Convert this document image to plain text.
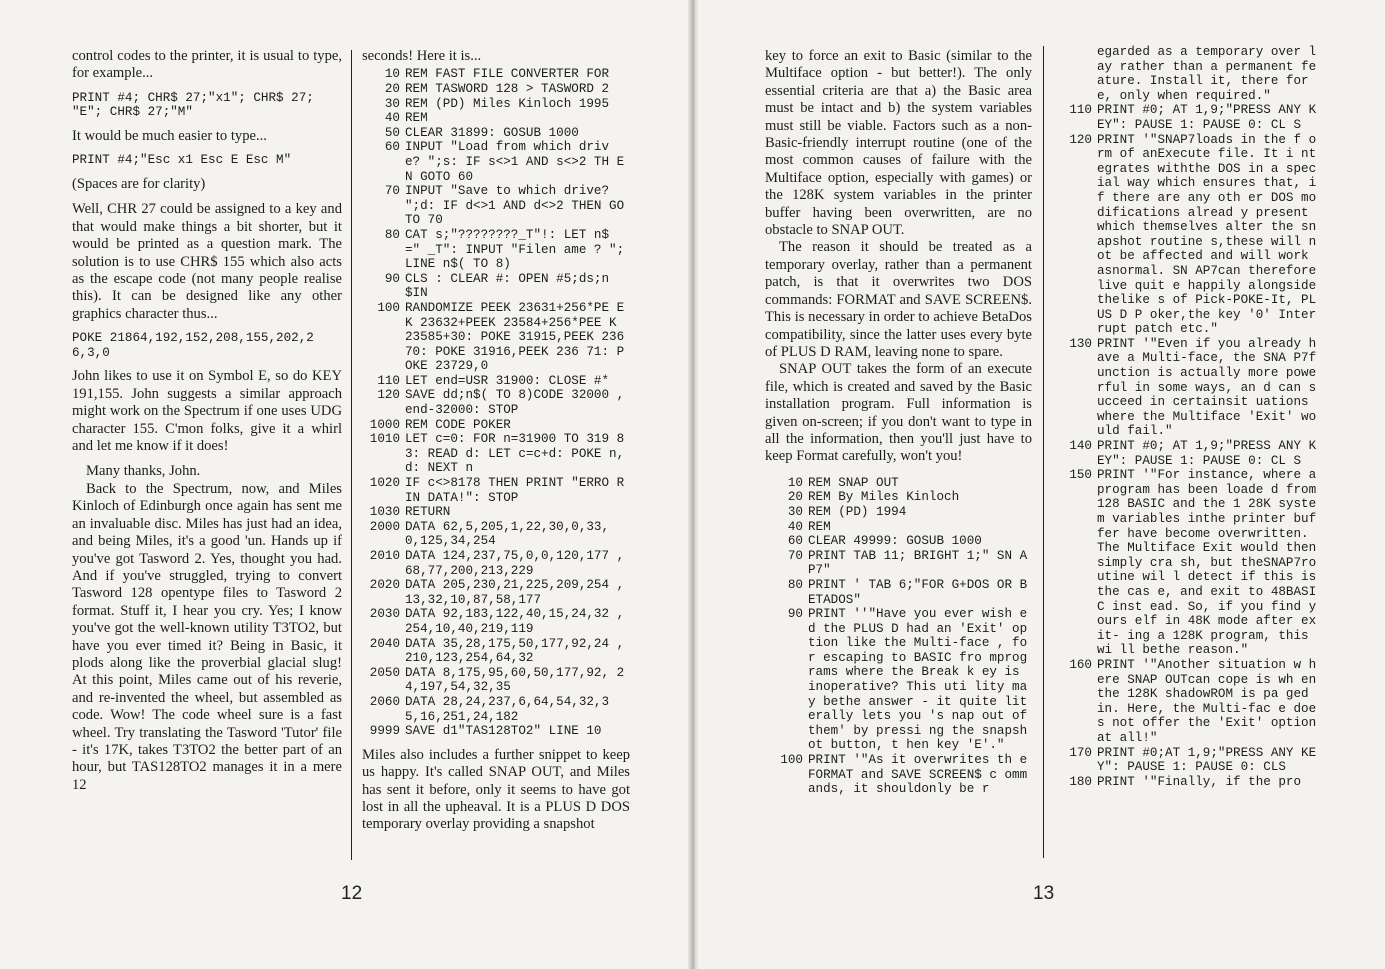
control codes to the printer, it is usual to type, for example...

PRINT #4; CHR$ 27;"x1"; CHR$ 27;
"E"; CHR$ 27;"M"

It would be much easier to type...

PRINT #4;"Esc x1 Esc E Esc M"

(Spaces are for clarity)

Well, CHR 27 could be assigned to a key and that would make things a bit shorter, but it would be printed as a question mark. The solution is to use CHR$ 155 which also acts as the escape code (not many people realise this). It can be designed like any other graphics character thus...

POKE 21864,192,152,208,155,202,2
6,3,0

John likes to use it on Symbol E, so do KEY 191,155. John suggests a similar approach might work on the Spectrum if one uses UDG character 155. C'mon folks, give it a whirl and let me know if it does!

Many thanks, John.

Back to the Spectrum, now, and Miles Kinloch of Edinburgh once again has sent me an invaluable disc. Miles has just had an idea, and being Miles, it's a good 'un. Hands up if you've got Tasword 2. Yes, thought you had. And if you've struggled, trying to convert Tasword 128 opentype files to Tasword 2 format. Stuff it, I hear you cry. Yes; I know you've got the well-known utility T3TO2, but have you ever timed it? Being in Basic, it plods along like the proverbial glacial slug! At this point, Miles came out of his reverie, and re-invented the wheel, but assembled as code. Wow! The code wheel sure is a fast wheel. Try translating the Tasword 'Tutor' file - it's 17K, takes T3TO2 the better part of an hour, but TAS128TO2 manages it in a mere 12

seconds! Here it is...
10 REM FAST FILE CONVERTER FOR
20 REM TASWORD 128 > TASWORD 2
30 REM (PD) Miles Kinloch 1995
40 REM
50 CLEAR 31899: GOSUB 1000
60 INPUT "Load from which driv e? ";s: IF s<>1 AND s<>2 TH EN GOTO 60
70 INPUT "Save to which drive? ";d: IF d<>1 AND d<>2 THEN GOTO 70
80 CAT s;"????????_T"!: LET n$ =" _T": INPUT "Filen ame ? "; LINE n$( TO 8)
90 CLS : CLEAR #: OPEN #5;ds;n $IN
100 RANDOMIZE PEEK 23631+256*PE EK 23632+PEEK 23584+256*PEE K 23585+30: POKE 31915,PEEK 23670: POKE 31916,PEEK 236 71: POKE 23729,0
110 LET end=USR 31900: CLOSE #*
120 SAVE dd;n$( TO 8)CODE 32000 ,end-32000: STOP
1000 REM CODE POKER
1010 LET c=0: FOR n=31900 TO 319 83: READ d: LET c=c+d: POKE n,d: NEXT n
1020 IF c<>8178 THEN PRINT "ERRO R IN DATA!": STOP
1030 RETURN
2000 DATA 62,5,205,1,22,30,0,33, 0,125,34,254
2010 DATA 124,237,75,0,0,120,177 ,68,77,200,213,229
2020 DATA 205,230,21,225,209,254 ,13,32,10,87,58,177
2030 DATA 92,183,122,40,15,24,32 ,254,10,40,219,119
2040 DATA 35,28,175,50,177,92,24 ,210,123,254,64,32
2050 DATA 8,175,95,60,50,177,92, 24,197,54,32,35
2060 DATA 28,24,237,6,64,54,32,3 5,16,251,24,182
9999 SAVE d1"TAS128TO2" LINE 10
Miles also includes a further snippet to keep us happy. It's called SNAP OUT, and Miles has sent it before, only it seems to have got lost in all the upheaval. It is a PLUS D DOS temporary overlay providing a snapshot
12

key to force an exit to Basic (similar to the Multiface option - but better!). The only essential criteria are that a) the Basic area must be intact and b) the system variables must still be viable. Factors such as a non-Basic-friendly interrupt routine (one of the most common causes of failure with the Multiface option, especially with games) or the 128K system variables in the printer buffer having been overwritten, are no obstacle to SNAP OUT.

The reason it should be treated as a temporary overlay, rather than a permanent patch, is that it overwrites two DOS commands: FORMAT and SAVE SCREEN$. This is necessary in order to achieve BetaDos compatibility, since the latter uses every byte of PLUS D RAM, leaving none to spare.

SNAP OUT takes the form of an execute file, which is created and saved by the Basic installation program. Full information is given on-screen; if you don't want to type in all the information, then you'll just have to keep Format carefully, won't you!

10 REM SNAP OUT
20 REM By Miles Kinloch
30 REM (PD) 1994
40 REM
60 CLEAR 49999: GOSUB 1000
70 PRINT TAB 11; BRIGHT 1;" SN AP7"
80 PRINT ' TAB 6;"FOR G+DOS OR BETADOS"
90 PRINT ''"Have you ever wish ed the PLUS D had an 'Exit' option like the Multi-face , for escaping to BASIC fro mprograms where the Break k ey is inoperative? This uti lity may bethe answer - it quite literally lets you 's nap out of them' by pressi ng the snapshot button, t hen key 'E'."
100 PRINT '"As it overwrites th e FORMAT and SAVE SCREEN$ c ommands, it shouldonly be r
egarded as a temporary over lay rather than a permanent feature. Install it, there fore, only when required."
110 PRINT #0; AT 1,9;"PRESS ANY KEY": PAUSE 1: PAUSE 0: CL S
120 PRINT '"SNAP7loads in the f orm of anExecute file. It i ntegrates withthe DOS in a special way which ensures that, if there are any oth er DOS modifications alread y present which themselves alter the snapshot routine s,these will not be affected and will work asnormal. SN AP7can therefore live quit e happily alongside thelike s of Pick-POKE-It, PLUS D P oker,the key '0' Interrupt patch etc."
130 PRINT '"Even if you already have a Multi-face, the SNA P7function is actually more powerful in some ways, an d can succeed in certainsit uations where the Multiface 'Exit' would fail."
140 PRINT #0; AT 1,9;"PRESS ANY KEY": PAUSE 1: PAUSE 0: CL S
150 PRINT '"For instance, where a program has been loade d from 128 BASIC and the 1 28K system variables inthe printer buffer have become overwritten. The Multiface Exit would then simply cra sh, but theSNAP7routine wil l detect if this is the cas e, and exit to 48BASIC inst ead. So, if you find yours elf in 48K mode after exit- ing a 128K program, this wi ll bethe reason."
160 PRINT '"Another situation w here SNAP OUTcan cope is wh en the 128K shadowROM is pa ged in. Here, the Multi-fac e does not offer the 'Exit' option at all!"
170 PRINT #0;AT 1,9;"PRESS ANY KEY": PAUSE 1: PAUSE 0: CLS
180 PRINT '"Finally, if the pro
13
